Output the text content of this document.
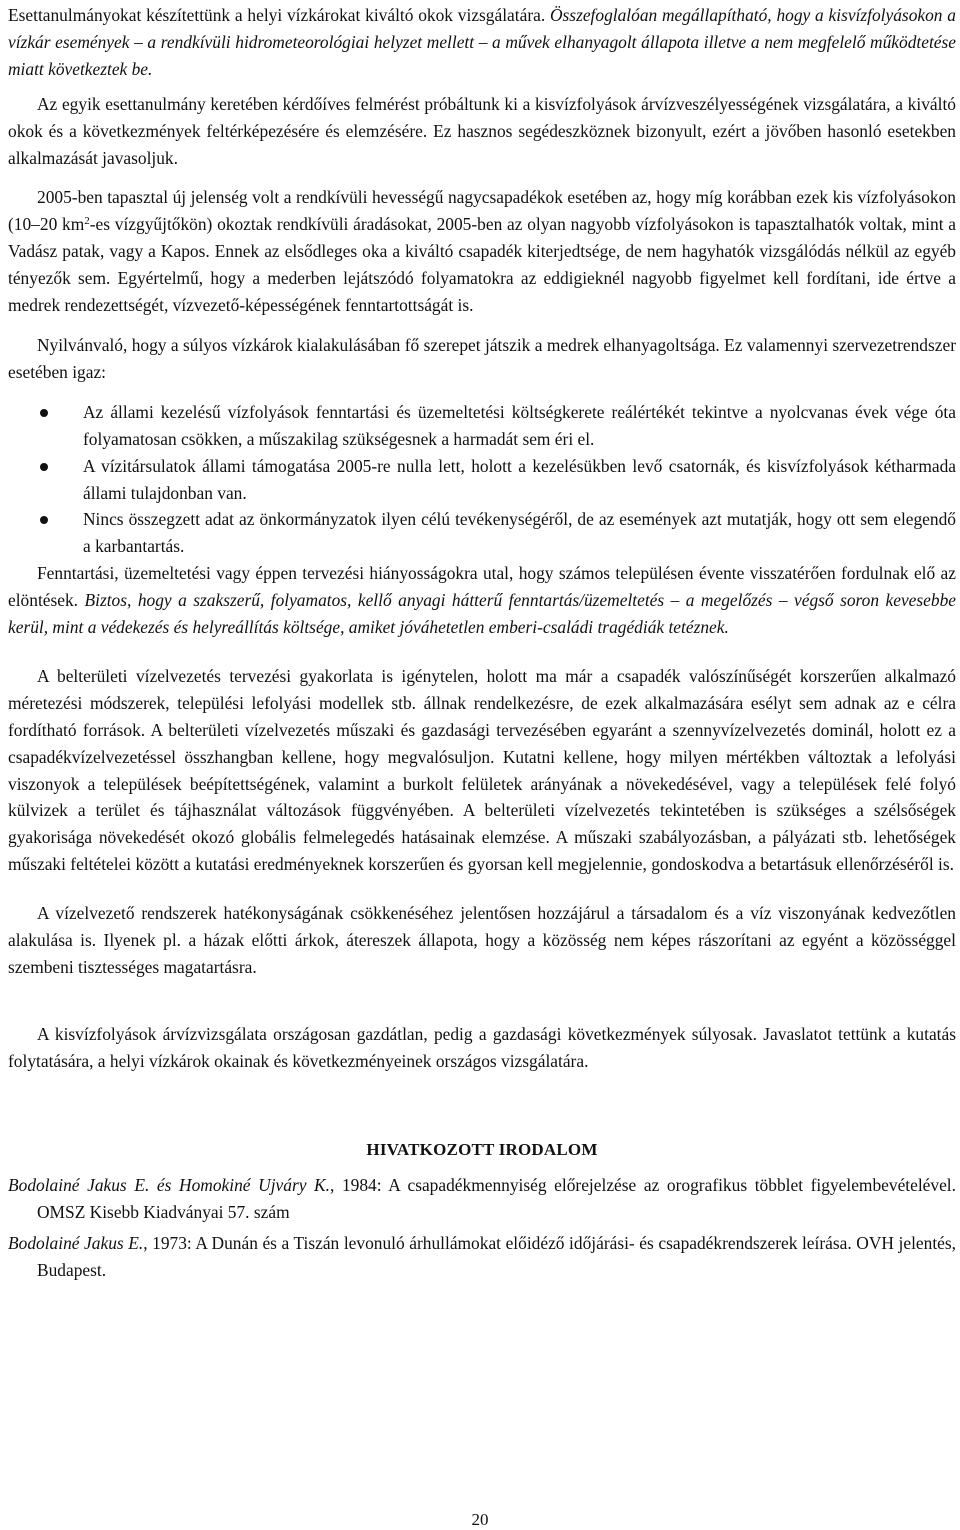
Esettanulmányokat készítettünk a helyi vízkárokat kiváltó okok vizsgálatára. Összefoglalóan megállapítható, hogy a kisvízfolyásokon a vízkár események – a rendkívüli hidrometeorológiai helyzet mellett – a művek elhanyagolt állapota illetve a nem megfelelő működtetése miatt következtek be.

Az egyik esettanulmány keretében kérdőíves felmérést próbáltunk ki a kisvízfolyások árvízveszélyességének vizsgálatára, a kiváltó okok és a következmények feltérképezésére és elemzésére. Ez hasznos segédeszköznek bizonyult, ezért a jövőben hasonló esetekben alkalmazását javasoljuk.

2005-ben tapasztal új jelenség volt a rendkívüli hevességű nagycsapadékok esetében az, hogy míg korábban ezek kis vízfolyásokon (10–20 $km^2-es$ vízgyűjtőkön) okoztak rendkívüli áradásokat, 2005-ben az olyan nagyobb vízfolyásokon is tapasztalhatók voltak, mint a Vadász patak, vagy a Kapos. Ennek az elsődleges oka a kiváltó csapadék kiterjedtsége, de nem hagyhatók vizsgálódás nélkül az egyéb tényezők sem. Egyértelmű, hogy a mederben lejátszódó folyamatokra az eddigieknél nagyobb figyelmet kell fordítani, ide értve a medrek rendezettségét, vízvezető-képességének fenntartottságát is.

Nyilvánvaló, hogy a súlyos vízkárok kialakulásában fő szerepet játszik a medrek elhanyagoltsága. Ez valamennyi szervezetrendszer esetében igaz:

Az állami kezelésű vízfolyások fenntartási és üzemeltetési költségkerete reálértékét tekintve a nyolcvanas évek vége óta folyamatosan csökken, a műszakilag szükségesnek a harmadát sem éri el.
A vízitársulatok állami támogatása 2005-re nulla lett, holott a kezelésükben levő csatornák, és kisvízfolyások kétharmada állami tulajdonban van.
Nincs összegzett adat az önkormányzatok ilyen célú tevékenységéről, de az események azt mutatják, hogy ott sem elegendő a karbantartás.

Fenntartási, üzemeltetési vagy éppen tervezési hiányosságokra utal, hogy számos településen évente visszatérően fordulnak elő az elöntések. Biztos, hogy a szakszerű, folyamatos, kellő anyagi hátterű fenntartás/üzemeltetés – a megelőzés – végső soron kevesebbe kerül, mint a védekezés és helyreállítás költsége, amiket jóváhetetlen emberi-családi tragédiák tetéznek.

A belterületi vízelvezetés tervezési gyakorlata is igénytelen, holott ma már a csapadék valószínűségét korszerűen alkalmazó méretezési módszerek, települési lefolyási modellek stb. állnak rendelkezésre, de ezek alkalmazására esélyt sem adnak az e célra fordítható források. A belterületi vízelvezetés műszaki és gazdasági tervezésében egyaránt a szennyvízelvezetés dominál, holott ez a csapadékvízelvezetéssel összhangban kellene, hogy megvalósuljon. Kutatni kellene, hogy milyen mértékben változtak a lefolyási viszonyok a települések beépítettségének, valamint a burkolt felületek arányának a növekedésével, vagy a települések felé folyó külvizek a terület és tájhasználat változások függvényében. A belterületi vízelvezetés tekintetében is szükséges a szélsőségek gyakorisága növekedését okozó globális felmelegedés hatásainak elemzése. A műszaki szabályozásban, a pályázati stb. lehetőségek műszaki feltételei között a kutatási eredményeknek korszerűen és gyorsan kell megjelennie, gondoskodva a betartásuk ellenőrzéséről is.

A vízelvezető rendszerek hatékonyságának csökkenéséhez jelentősen hozzájárul a társadalom és a víz viszonyának kedvezőtlen alakulása is. Ilyenek pl. a házak előtti árkok, átereszek állapota, hogy a közösség nem képes rászorítani az egyént a közösséggel szembeni tisztességes magatartásra.

A kisvízfolyások árvízvizsgálata országosan gazdátlan, pedig a gazdasági következmények súlyosak. Javaslatot tettünk a kutatás folytatására, a helyi vízkárok okainak és következményeinek országos vizsgálatára.

HIVATKOZOTT IRODALOM

Bodolainé Jakus E. és Homokiné Ujváry K., 1984: A csapadékmennyiség előrejelzése az orografikus többlet figyelembevételével. OMSZ Kisebb Kiadványai 57. szám

Bodolainé Jakus E., 1973: A Dunán és a Tiszán levonuló árhullámokat előidéző időjárási- és csapadékrendszerek leírása. OVH jelentés, Budapest.

20
